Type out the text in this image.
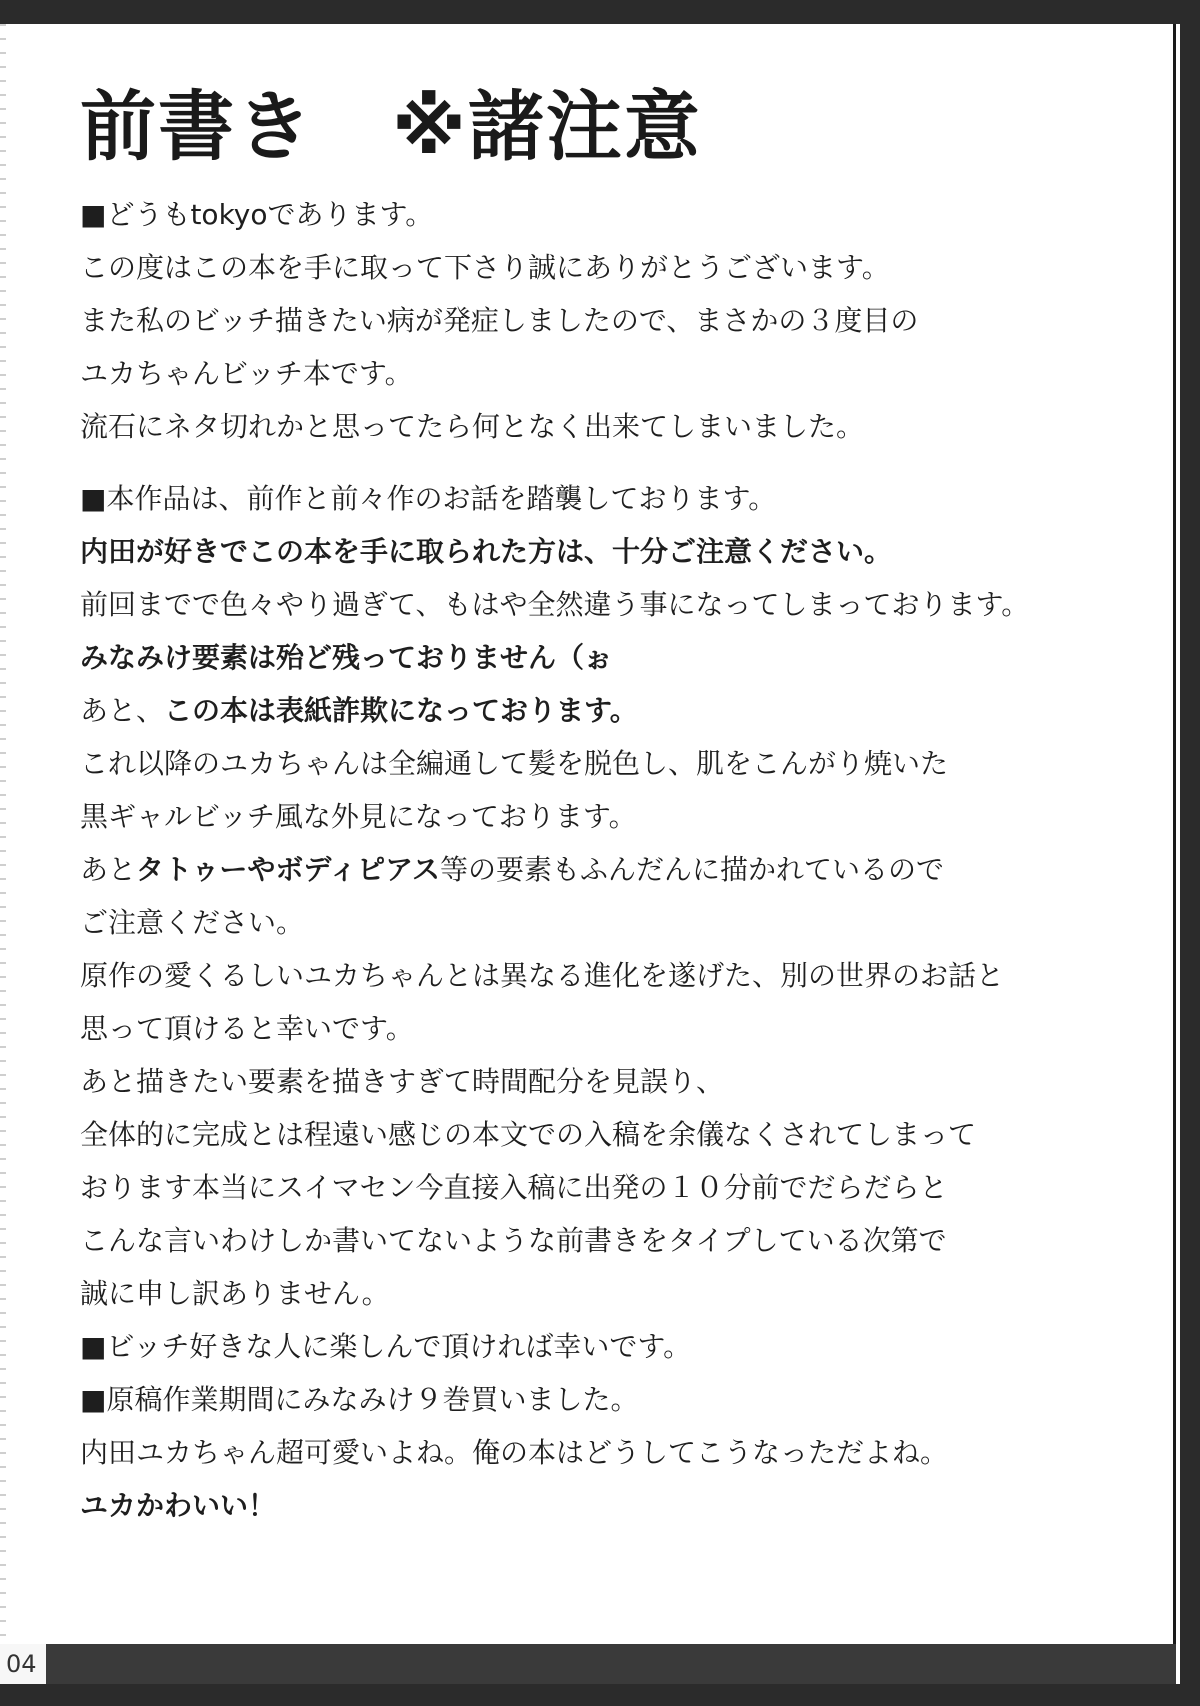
04
前書き　※諸注意
■どうもtokyoであります。
この度はこの本を手に取って下さり誠にありがとうございます。
また私のビッチ描きたい病が発症しましたので、まさかの３度目の
ユカちゃんビッチ本です。
流石にネタ切れかと思ってたら何となく出来てしまいました。
■本作品は、前作と前々作のお話を踏襲しております。
内田が好きでこの本を手に取られた方は、十分ご注意ください。
前回までで色々やり過ぎて、もはや全然違う事になってしまっております。
みなみけ要素は殆ど残っておりません（ぉ
あと、この本は表紙詐欺になっております。
これ以降のユカちゃんは全編通して髪を脱色し、肌をこんがり焼いた
黒ギャルビッチ風な外見になっております。
あとタトゥーやボディピアス等の要素もふんだんに描かれているので
ご注意ください。
原作の愛くるしいユカちゃんとは異なる進化を遂げた、別の世界のお話と
思って頂けると幸いです。
あと描きたい要素を描きすぎて時間配分を見誤り、
全体的に完成とは程遠い感じの本文での入稿を余儀なくされてしまって
おります本当にスイマセン今直接入稿に出発の１０分前でだらだらと
こんな言いわけしか書いてないような前書きをタイプしている次第で
誠に申し訳ありません。
■ビッチ好きな人に楽しんで頂ければ幸いです。
■原稿作業期間にみなみけ９巻買いました。
内田ユカちゃん超可愛いよね。俺の本はどうしてこうなっただよね。
ユカかわいい！
